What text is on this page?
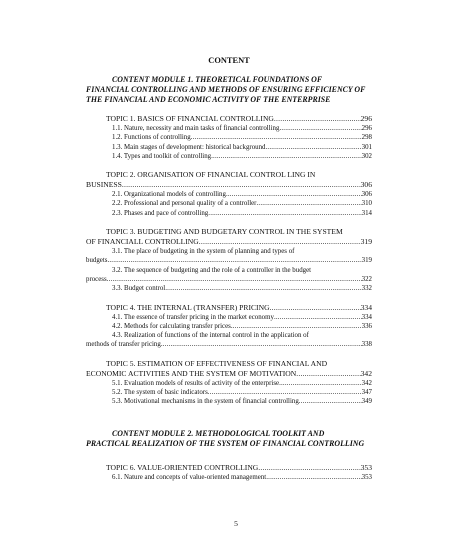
CONTENT
CONTENT MODULE 1. THEORETICAL FOUNDATIONS OF
FINANCIAL CONTROLLING AND METHODS OF ENSURING EFFICIENCY OF THE FINANCIAL AND ECONOMIC ACTIVITY OF THE ENTERPRISE
TOPIC 1. BASICS OF FINANCIAL CONTROLLING .....	296
1.1. Nature, necessity and main tasks of financial controlling .....	296
1.2. Functions of controlling .....	298
1.3. Main stages of development: historical background .....	301
1.4. Types and toolkit of controlling .....	302
TOPIC 2. ORGANISATION OF FINANCIAL CONTROL LING IN
BUSINESS .....	306
2.1. Organizational models of controlling .....	306
2.2. Professional and personal quality of a controller .....	310
2.3. Phases and pace of controlling .....	314
TOPIC 3. BUDGETING AND BUDGETARY CONTROL IN THE SYSTEM
OF FINANCIALL CONTROLLING .....	319
3.1. The place of budgeting in the system of planning and types of
budgets .....	319
3.2. The sequence of budgeting and the role of a controller in the budget
process .....	322
3.3. Budget control .....	332
TOPIC 4. THE INTERNAL (TRANSFER) PRICING .....	334
4.1. The essence of transfer pricing in the market economy .....	334
4.2. Methods for calculating transfer prices .....	336
4.3. Realization of functions of the internal control in the application of
methods of transfer pricing .....	338
TOPIC 5. ESTIMATION OF EFFECTIVENESS OF FINANCIAL AND
ECONOMIC ACTIVITIES AND THE SYSTEM OF MOTIVATION .....	342
5.1. Evaluation models of results of activity of the enterprise .....	342
5.2. The system of basic indicators .....	347
5.3. Motivational mechanisms in the system of financial controlling .....	349
CONTENT MODULE 2. METHODOLOGICAL TOOLKIT AND
PRACTICAL REALIZATION OF THE SYSTEM OF FINANCIAL CONTROLLING
TOPIC 6. VALUE-ORIENTED CONTROLLING .....	353
6.1. Nature and concepts of value-oriented management .....	353
5
